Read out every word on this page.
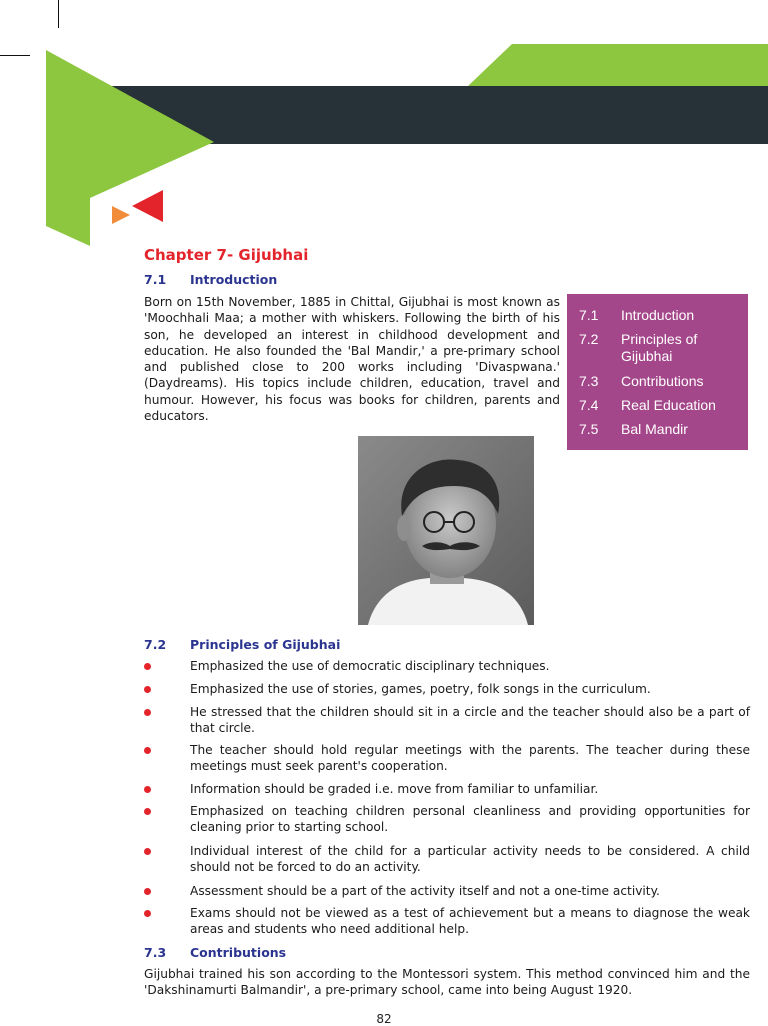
Chapter 7- Gijubhai
7.1 Introduction

Born on 15th November, 1885 in Chittal, Gijubhai is most known as 'Moochhali Maa; a mother with whiskers. Following the birth of his son, he developed an interest in childhood development and education. He also founded the 'Bal Mandir,' a pre-primary school and published close to 200 works including 'Divaspwana.' (Daydreams). His topics include children, education, travel and humour. However, his focus was books for children, parents and educators.

7.1 Introduction
7.2 Principles of Gijubhai
7.3 Contributions
7.4 Real Education
7.5 Bal Mandir
7.2 Principles of Gijubhai
Emphasized the use of democratic disciplinary techniques.
Emphasized the use of stories, games, poetry, folk songs in the curriculum.
He stressed that the children should sit in a circle and the teacher should also be a part of that circle.
The teacher should hold regular meetings with the parents. The teacher during these meetings must seek parent's cooperation.
Information should be graded i.e. move from familiar to unfamiliar.
Emphasized on teaching children personal cleanliness and providing opportunities for cleaning prior to starting school.
Individual interest of the child for a particular activity needs to be considered. A child should not be forced to do an activity.
Assessment should be a part of the activity itself and not a one-time activity.
Exams should not be viewed as a test of achievement but a means to diagnose the weak areas and students who need additional help.
7.3 Contributions

Gijubhai trained his son according to the Montessori system. This method convinced him and the 'Dakshinamurti Balmandir', a pre-primary school, came into being August 1920.

82
